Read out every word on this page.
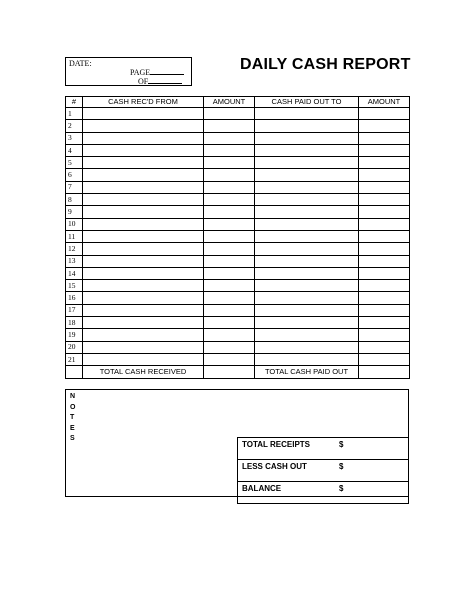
DATE:
PAGE
OF
DAILY CASH REPORT
#	CASH REC'D FROM	AMOUNT	CASH PAID OUT TO	AMOUNT
1				
2				
3				
4				
5				
6				
7				
8				
9				
10				
11				
12				
13				
14				
15				
16				
17				
18				
19				
20				
21				
	TOTAL CASH RECEIVED		TOTAL CASH PAID OUT	
N
O
T
E
S
TOTAL RECEIPTS	$

LESS CASH OUT	$

BALANCE	$
